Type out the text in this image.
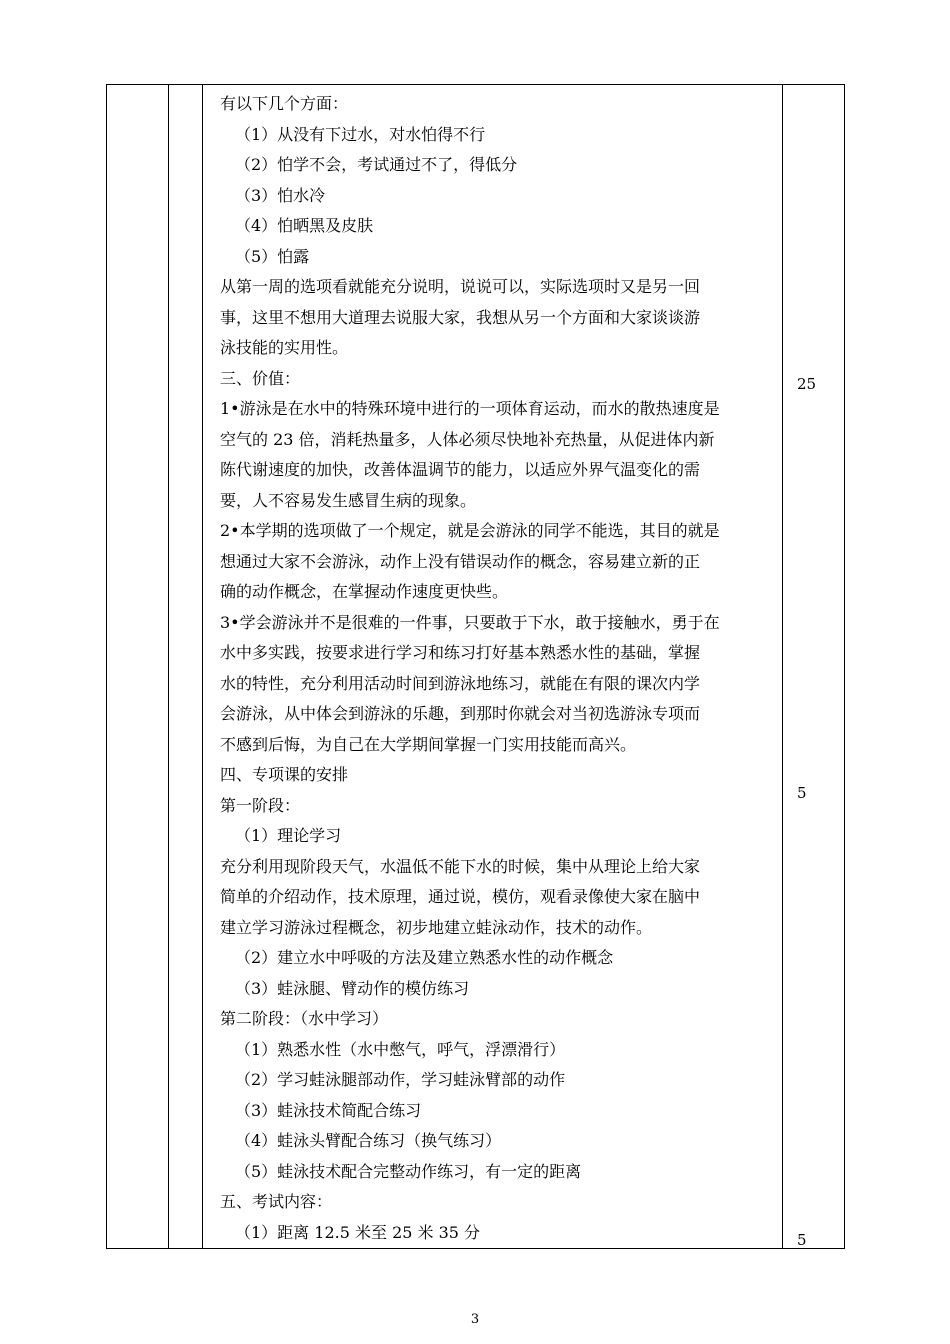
有以下几个方面：

（1）从没有下过水，对水怕得不行

（2）怕学不会，考试通过不了，得低分

（3）怕水冷

（4）怕晒黑及皮肤

（5）怕露

从第一周的选项看就能充分说明，说说可以，实际选项时又是另一回

事，这里不想用大道理去说服大家，我想从另一个方面和大家谈谈游

泳技能的实用性。

三、价值：

1•游泳是在水中的特殊环境中进行的一项体育运动，而水的散热速度是

空气的 23 倍，消耗热量多，人体必须尽快地补充热量，从促进体内新

陈代谢速度的加快，改善体温调节的能力，以适应外界气温变化的需

要，人不容易发生感冒生病的现象。

2•本学期的选项做了一个规定，就是会游泳的同学不能选，其目的就是

想通过大家不会游泳，动作上没有错误动作的概念，容易建立新的正

确的动作概念，在掌握动作速度更快些。

3•学会游泳并不是很难的一件事，只要敢于下水，敢于接触水，勇于在

水中多实践，按要求进行学习和练习打好基本熟悉水性的基础，掌握

水的特性，充分利用活动时间到游泳地练习，就能在有限的课次内学

会游泳，从中体会到游泳的乐趣，到那时你就会对当初选游泳专项而

不感到后悔，为自己在大学期间掌握一门实用技能而高兴。

四、专项课的安排

第一阶段：

（1）理论学习

充分利用现阶段天气，水温低不能下水的时候，集中从理论上给大家

简单的介绍动作，技术原理，通过说，模仿，观看录像使大家在脑中

建立学习游泳过程概念，初步地建立蛙泳动作，技术的动作。

（2）建立水中呼吸的方法及建立熟悉水性的动作概念

（3）蛙泳腿、臂动作的模仿练习

第二阶段：（水中学习）

（1）熟悉水性（水中憋气，呼气，浮漂滑行）

（2）学习蛙泳腿部动作，学习蛙泳臂部的动作

（3）蛙泳技术简配合练习

（4）蛙泳头臂配合练习（换气练习）

（5）蛙泳技术配合完整动作练习，有一定的距离

五、考试内容：

（1）距离 12.5 米至 25 米 35 分

25
5
5
3
